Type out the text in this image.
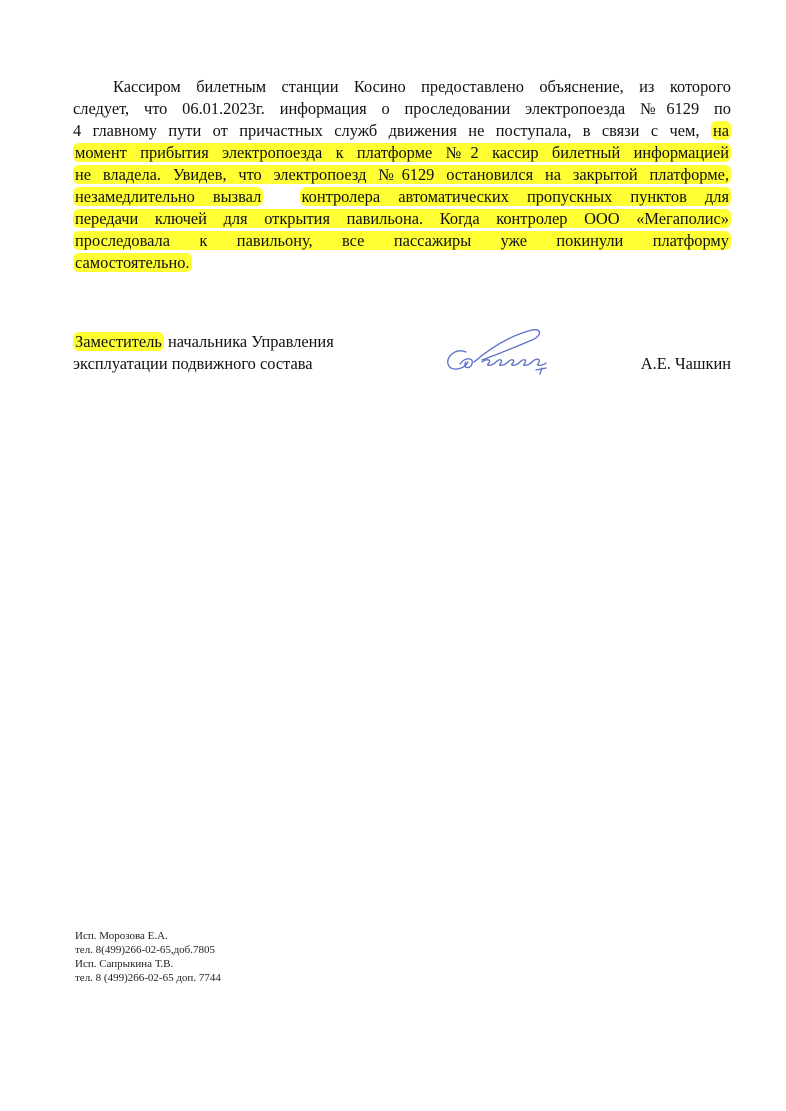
Кассиром билетным станции Косино предоставлено объяснение, из которого
следует, что 06.01.2023г. информация о проследовании электропоезда №6129 по
4 главному пути от причастных служб движения не поступала, в связи с чем, на
момент прибытия электропоезда к платформе №2 кассир билетный информацией
не владела. Увидев, что электропоезд №6129 остановился на закрытой платформе,
незамедлительно вызвал контролера автоматических пропускных пунктов для
передачи ключей для открытия павильона. Когда контролер ООО «Мегаполис»
проследовала к павильону, все пассажиры уже покинули платформу
самостоятельно.
Заместитель начальника Управления
эксплуатации подвижного состава	А.Е. Чашкин
Исп. Морозова Е.А.
тел. 8(499)266-02-65,доб.7805
Исп. Сапрыкина Т.В.
тел. 8 (499)266-02-65 доп. 7744
